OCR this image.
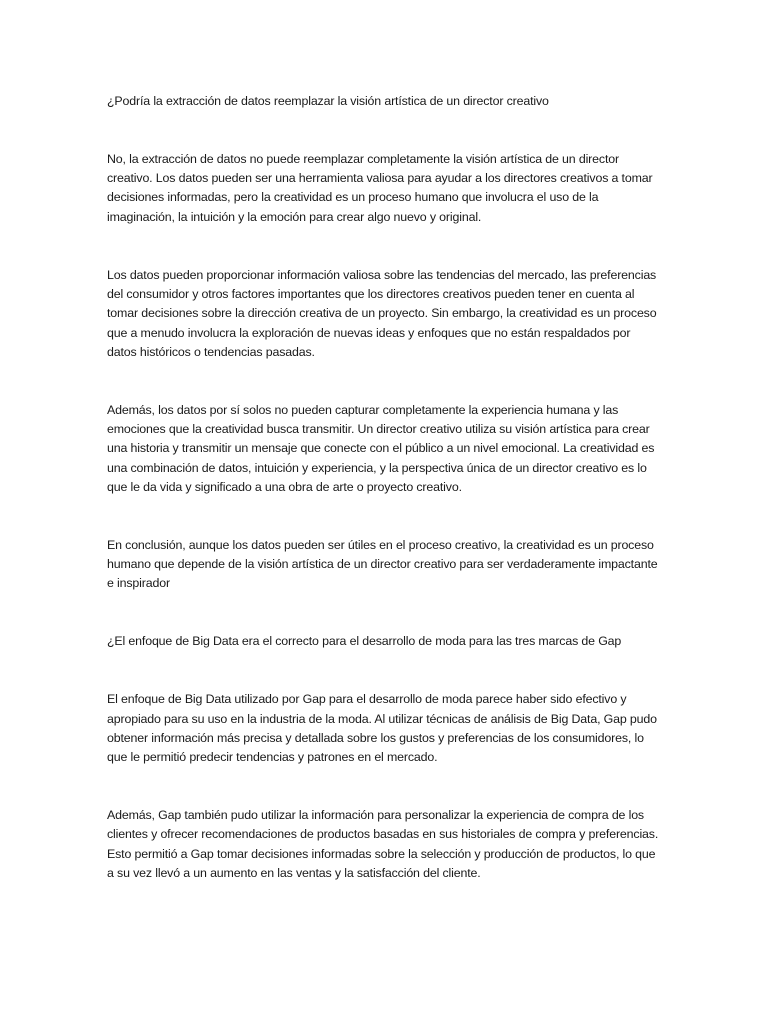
¿Podría la extracción de datos reemplazar la visión artística de un director creativo

No, la extracción de datos no puede reemplazar completamente la visión artística de un director creativo. Los datos pueden ser una herramienta valiosa para ayudar a los directores creativos a tomar decisiones informadas, pero la creatividad es un proceso humano que involucra el uso de la imaginación, la intuición y la emoción para crear algo nuevo y original.

Los datos pueden proporcionar información valiosa sobre las tendencias del mercado, las preferencias del consumidor y otros factores importantes que los directores creativos pueden tener en cuenta al tomar decisiones sobre la dirección creativa de un proyecto. Sin embargo, la creatividad es un proceso que a menudo involucra la exploración de nuevas ideas y enfoques que no están respaldados por datos históricos o tendencias pasadas.

Además, los datos por sí solos no pueden capturar completamente la experiencia humana y las emociones que la creatividad busca transmitir. Un director creativo utiliza su visión artística para crear una historia y transmitir un mensaje que conecte con el público a un nivel emocional. La creatividad es una combinación de datos, intuición y experiencia, y la perspectiva única de un director creativo es lo que le da vida y significado a una obra de arte o proyecto creativo.

En conclusión, aunque los datos pueden ser útiles en el proceso creativo, la creatividad es un proceso humano que depende de la visión artística de un director creativo para ser verdaderamente impactante e inspirador

¿El enfoque de Big Data era el correcto para el desarrollo de moda para las tres marcas de Gap

El enfoque de Big Data utilizado por Gap para el desarrollo de moda parece haber sido efectivo y apropiado para su uso en la industria de la moda. Al utilizar técnicas de análisis de Big Data, Gap pudo obtener información más precisa y detallada sobre los gustos y preferencias de los consumidores, lo que le permitió predecir tendencias y patrones en el mercado.

Además, Gap también pudo utilizar la información para personalizar la experiencia de compra de los clientes y ofrecer recomendaciones de productos basadas en sus historiales de compra y preferencias. Esto permitió a Gap tomar decisiones informadas sobre la selección y producción de productos, lo que a su vez llevó a un aumento en las ventas y la satisfacción del cliente.
